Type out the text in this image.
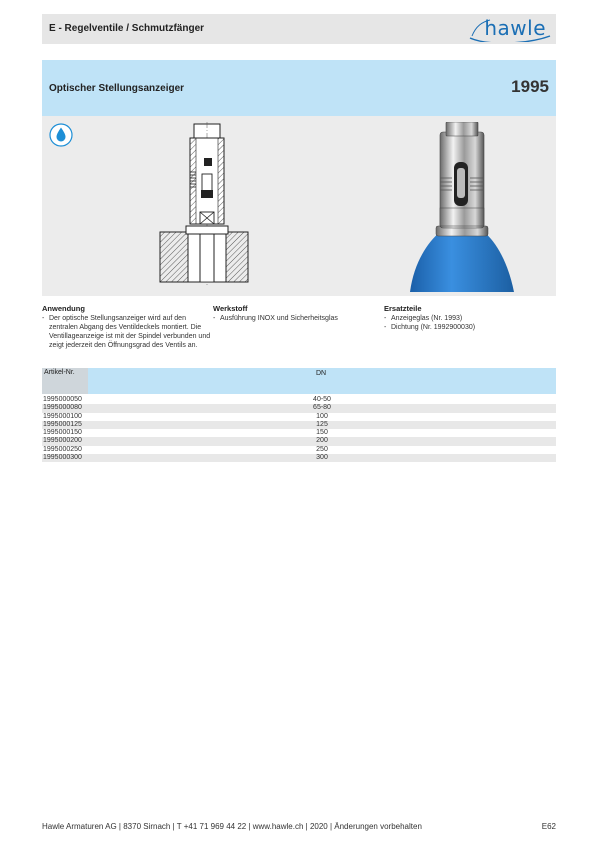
E - Regelventile / Schmutzfänger	hawle
Optischer Stellungsanzeiger	1995
Anwendung
- Der optische Stellungsanzeiger wird auf den zentralen Abgang des Ventildeckels montiert. Die Ventillageanzeige ist mit der Spindel verbunden und zeigt jederzeit den Öffnungsgrad des Ventils an.
Werkstoff
- Ausführung INOX und Sicherheitsglas
Ersatzteile
- Anzeigeglas (Nr. 1993)
- Dichtung (Nr. 1992900030)
Artikel-Nr.	DN
1995000050	40-50
1995000080	65-80
1995000100	100
1995000125	125
1995000150	150
1995000200	200
1995000250	250
1995000300	300
Hawle Armaturen AG | 8370 Sirnach | T +41 71 969 44 22 | www.hawle.ch | 2020 | Änderungen vorbehalten	E62
